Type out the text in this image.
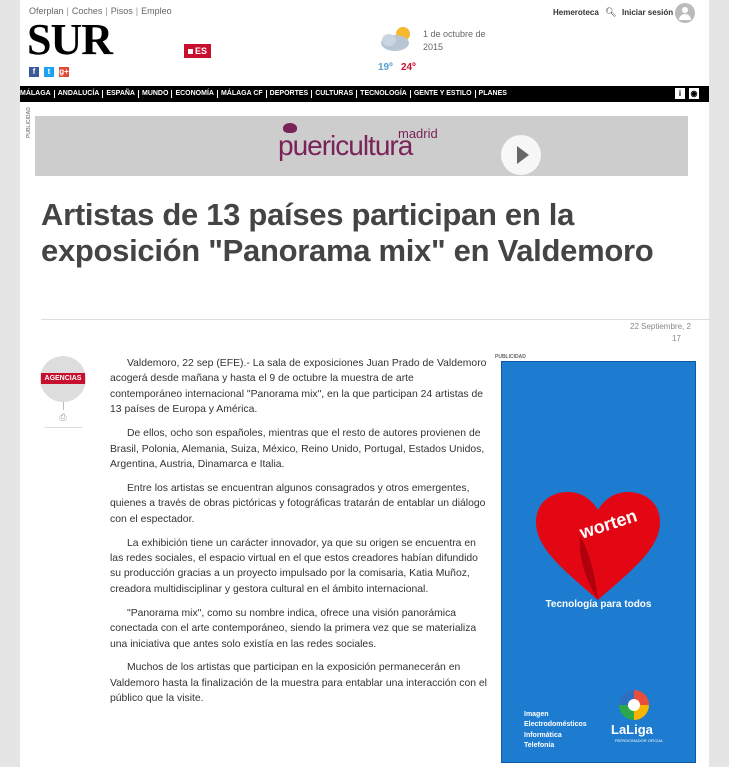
Oferplan | Coches | Pisos | Empleo
SUR	ES
f	t	g+
1 de octubre de
2015
19º 24º
Hemeroteca 🔍︎ Iniciar sesión
MÁLAGA	ANDALUCÍA	ESPAÑA	MUNDO	ECONOMÍA	MÁLAGA CF	DEPORTES	CULTURAS	TECNOLOGÍA	GENTE Y ESTILO	PLANES	i	◉
PUBLICIDAD
puericultura
madrid
Artistas de 13 países participan en la exposición "Panorama mix" en Valdemoro
22 Septiembre, 2
17
AGENCIAS
⎙

Valdemoro, 22 sep (EFE).- La sala de exposiciones Juan Prado de Valdemoro acogerá desde mañana y hasta el 9 de octubre la muestra de arte contemporáneo internacional "Panorama mix", en la que participan 24 artistas de 13 países de Europa y América.

De ellos, ocho son españoles, mientras que el resto de autores provienen de Brasil, Polonia, Alemania, Suiza, México, Reino Unido, Portugal, Estados Unidos, Argentina, Austria, Dinamarca e Italia.

Entre los artistas se encuentran algunos consagrados y otros emergentes, quienes a través de obras pictóricas y fotográficas tratarán de entablar un diálogo con el espectador.

La exhibición tiene un carácter innovador, ya que su origen se encuentra en las redes sociales, el espacio virtual en el que estos creadores habían difundido su producción gracias a un proyecto impulsado por la comisaria, Katia Muñoz, creadora multidisciplinar y gestora cultural en el ámbito internacional.

"Panorama mix", como su nombre indica, ofrece una visión panorámica conectada con el arte contemporáneo, siendo la primera vez que se materializa una iniciativa que antes solo existía en las redes sociales.

Muchos de los artistas que participan en la exposición permanecerán en Valdemoro hasta la finalización de la muestra para entablar una interacción con el público que la visite.

PUBLICIDAD
worten
Tecnología para todos
Imagen
Electrodomésticos
Informática
Telefonía
LaLiga
PATROCINADOR OFICIAL
